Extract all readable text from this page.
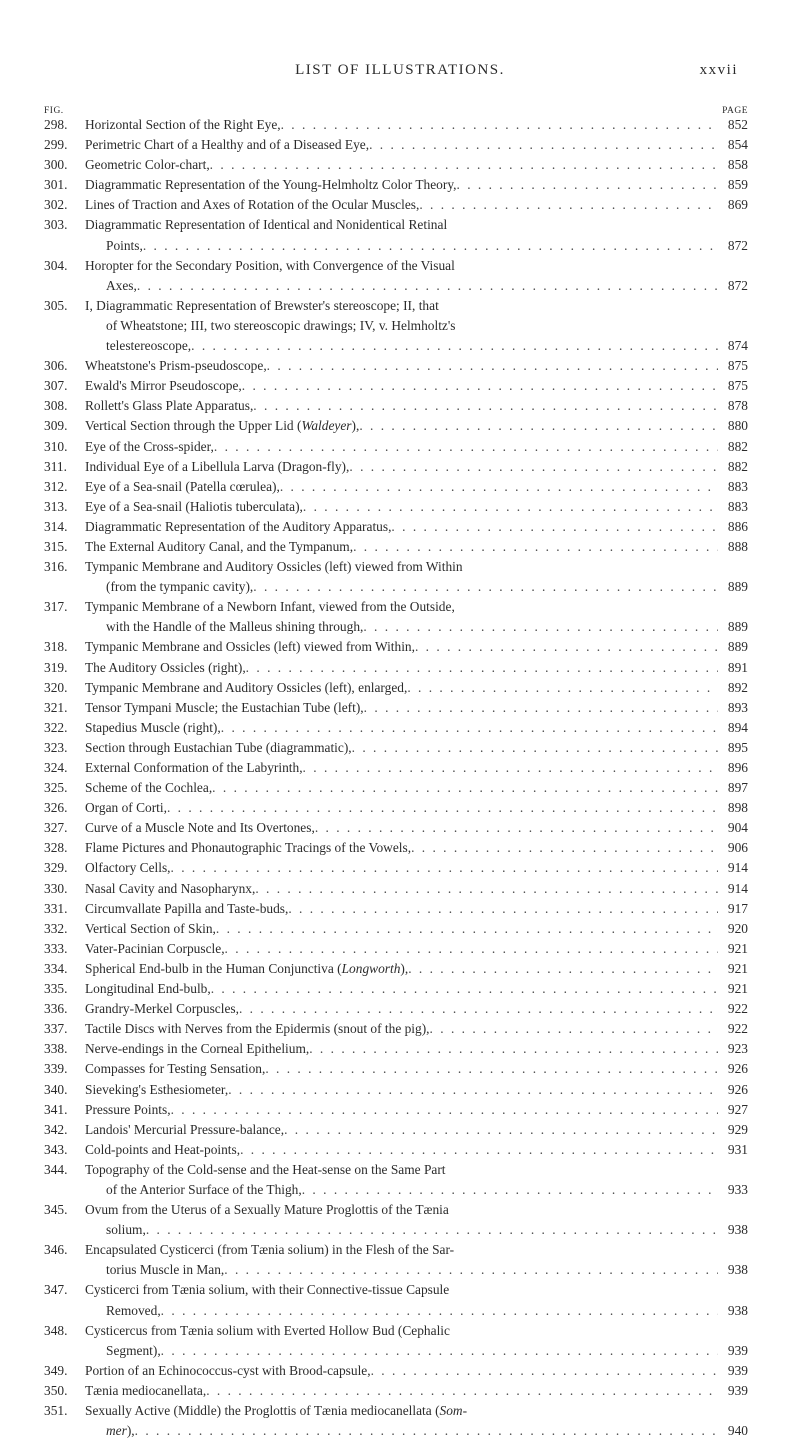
LIST OF ILLUSTRATIONS.	xxvii
FIG.	PAGE
298.	Horizontal Section of the Right Eye, . . .	852
299.	Perimetric Chart of a Healthy and of a Diseased Eye, . . .	854
300.	Geometric Color-chart, . . .	858
301.	Diagrammatic Representation of the Young-Helmholtz Color Theory, . . .	859
302.	Lines of Traction and Axes of Rotation of the Ocular Muscles, . . .	869
303.	Diagrammatic Representation of Identical and Nonidentical Retinal
Points, . . .	872
304.	Horopter for the Secondary Position, with Convergence of the Visual
Axes, . . .	872
305.	I, Diagrammatic Representation of Brewster's stereoscope; II, that
of Wheatstone; III, two stereoscopic drawings; IV, v. Helmholtz's
telestereoscope, . . .	874
306.	Wheatstone's Prism-pseudoscope, . . .	875
307.	Ewald's Mirror Pseudoscope, . . .	875
308.	Rollett's Glass Plate Apparatus, . . .	878
309.	Vertical Section through the Upper Lid (Waldeyer), . . .	880
310.	Eye of the Cross-spider, . . .	882
311.	Individual Eye of a Libellula Larva (Dragon-fly), . . .	882
312.	Eye of a Sea-snail (Patella cœrulea), . . .	883
313.	Eye of a Sea-snail (Haliotis tuberculata), . . .	883
314.	Diagrammatic Representation of the Auditory Apparatus, . . .	886
315.	The External Auditory Canal, and the Tympanum, . . .	888
316.	Tympanic Membrane and Auditory Ossicles (left) viewed from Within
(from the tympanic cavity), . . .	889
317.	Tympanic Membrane of a Newborn Infant, viewed from the Outside,
with the Handle of the Malleus shining through, . . .	889
318.	Tympanic Membrane and Ossicles (left) viewed from Within, . . .	889
319.	The Auditory Ossicles (right), . . .	891
320.	Tympanic Membrane and Auditory Ossicles (left), enlarged, . . .	892
321.	Tensor Tympani Muscle; the Eustachian Tube (left), . . .	893
322.	Stapedius Muscle (right), . . .	894
323.	Section through Eustachian Tube (diagrammatic), . . .	895
324.	External Conformation of the Labyrinth, . . .	896
325.	Scheme of the Cochlea, . . .	897
326.	Organ of Corti, . . .	898
327.	Curve of a Muscle Note and Its Overtones, . . .	904
328.	Flame Pictures and Phonautographic Tracings of the Vowels, . . .	906
329.	Olfactory Cells, . . .	914
330.	Nasal Cavity and Nasopharynx, . . .	914
331.	Circumvallate Papilla and Taste-buds, . . .	917
332.	Vertical Section of Skin, . . .	920
333.	Vater-Pacinian Corpuscle, . . .	921
334.	Spherical End-bulb in the Human Conjunctiva (Longworth), . . .	921
335.	Longitudinal End-bulb, . . .	921
336.	Grandry-Merkel Corpuscles, . . .	922
337.	Tactile Discs with Nerves from the Epidermis (snout of the pig), . . .	922
338.	Nerve-endings in the Corneal Epithelium, . . .	923
339.	Compasses for Testing Sensation, . . .	926
340.	Sieveking's Esthesiometer, . . .	926
341.	Pressure Points, . . .	927
342.	Landois' Mercurial Pressure-balance, . . .	929
343.	Cold-points and Heat-points, . . .	931
344.	Topography of the Cold-sense and the Heat-sense on the Same Part
of the Anterior Surface of the Thigh, . . .	933
345.	Ovum from the Uterus of a Sexually Mature Proglottis of the Tænia
solium, . . .	938
346.	Encapsulated Cysticerci (from Tænia solium) in the Flesh of the Sar-
torius Muscle in Man, . . .	938
347.	Cysticerci from Tænia solium, with their Connective-tissue Capsule
Removed, . . .	938
348.	Cysticercus from Tænia solium with Everted Hollow Bud (Cephalic
Segment), . . .	939
349.	Portion of an Echinococcus-cyst with Brood-capsule, . . .	939
350.	Tænia mediocanellata, . . .	939
351.	Sexually Active (Middle) the Proglottis of Tænia mediocanellata (Som-
mer), . . .	940
